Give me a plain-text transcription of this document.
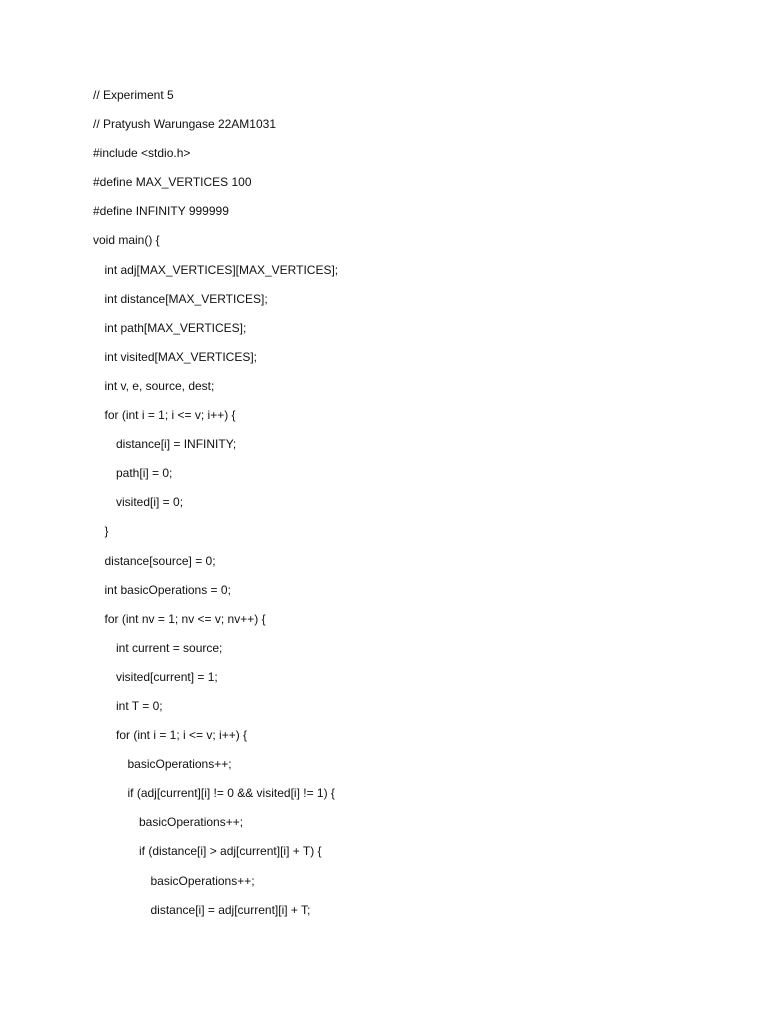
// Experiment 5
// Pratyush Warungase 22AM1031
#include <stdio.h>
#define MAX_VERTICES 100
#define INFINITY 999999
void main() {
int adj[MAX_VERTICES][MAX_VERTICES];
int distance[MAX_VERTICES];
int path[MAX_VERTICES];
int visited[MAX_VERTICES];
int v, e, source, dest;
for (int i = 1; i <= v; i++) {
distance[i] = INFINITY;
path[i] = 0;
visited[i] = 0;
}
distance[source] = 0;
int basicOperations = 0;
for (int nv = 1; nv <= v; nv++) {
int current = source;
visited[current] = 1;
int T = 0;
for (int i = 1; i <= v; i++) {
basicOperations++;
if (adj[current][i] != 0 && visited[i] != 1) {
basicOperations++;
if (distance[i] > adj[current][i] + T) {
basicOperations++;
distance[i] = adj[current][i] + T;
